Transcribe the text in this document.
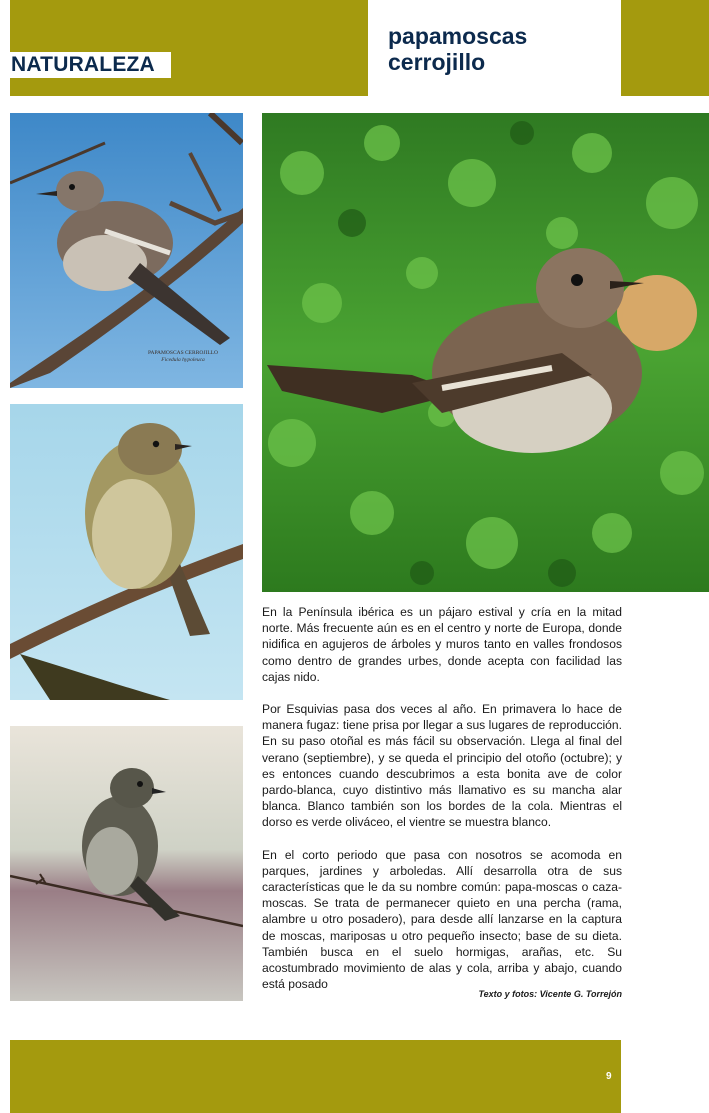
NATURALEZA
papamoscas
cerrojillo
PAPAMOSCAS CERROJILLO
Ficedula hypoleuca

En la Península ibérica es un pájaro estival y cría en la mitad norte. Más frecuente aún es en el centro y norte de Europa, donde nidifica en agujeros de árboles y muros tanto en valles frondosos como dentro de grandes urbes, donde acepta con facilidad las cajas nido.

Por Esquivias pasa dos veces al año. En primavera lo hace de manera fugaz: tiene prisa por llegar a sus lugares de reproducción. En su paso otoñal es más fácil su observación. Llega al final del verano (septiembre), y se queda el principio del otoño (octubre); y es entonces cuando descubrimos a esta bonita ave de color pardo-blanca, cuyo distintivo más llamativo es su mancha alar blanca. Blanco también son los bordes de la cola. Mientras el dorso es verde oliváceo, el vientre se muestra blanco.

En el corto periodo que pasa con nosotros se acomoda en parques, jardines y arboledas. Allí desarrolla otra de sus características que le da su nombre común: papa-moscas o caza-moscas. Se trata de permanecer quieto en una percha (rama, alambre u otro posadero), para desde allí lanzarse en la captura de moscas, mariposas u otro pequeño insecto; base de su dieta. También busca en el suelo hormigas, arañas, etc. Su acostumbrado movimiento de alas y cola, arriba y abajo, cuando está posado

Texto y fotos: Vicente G. Torrejón
9
